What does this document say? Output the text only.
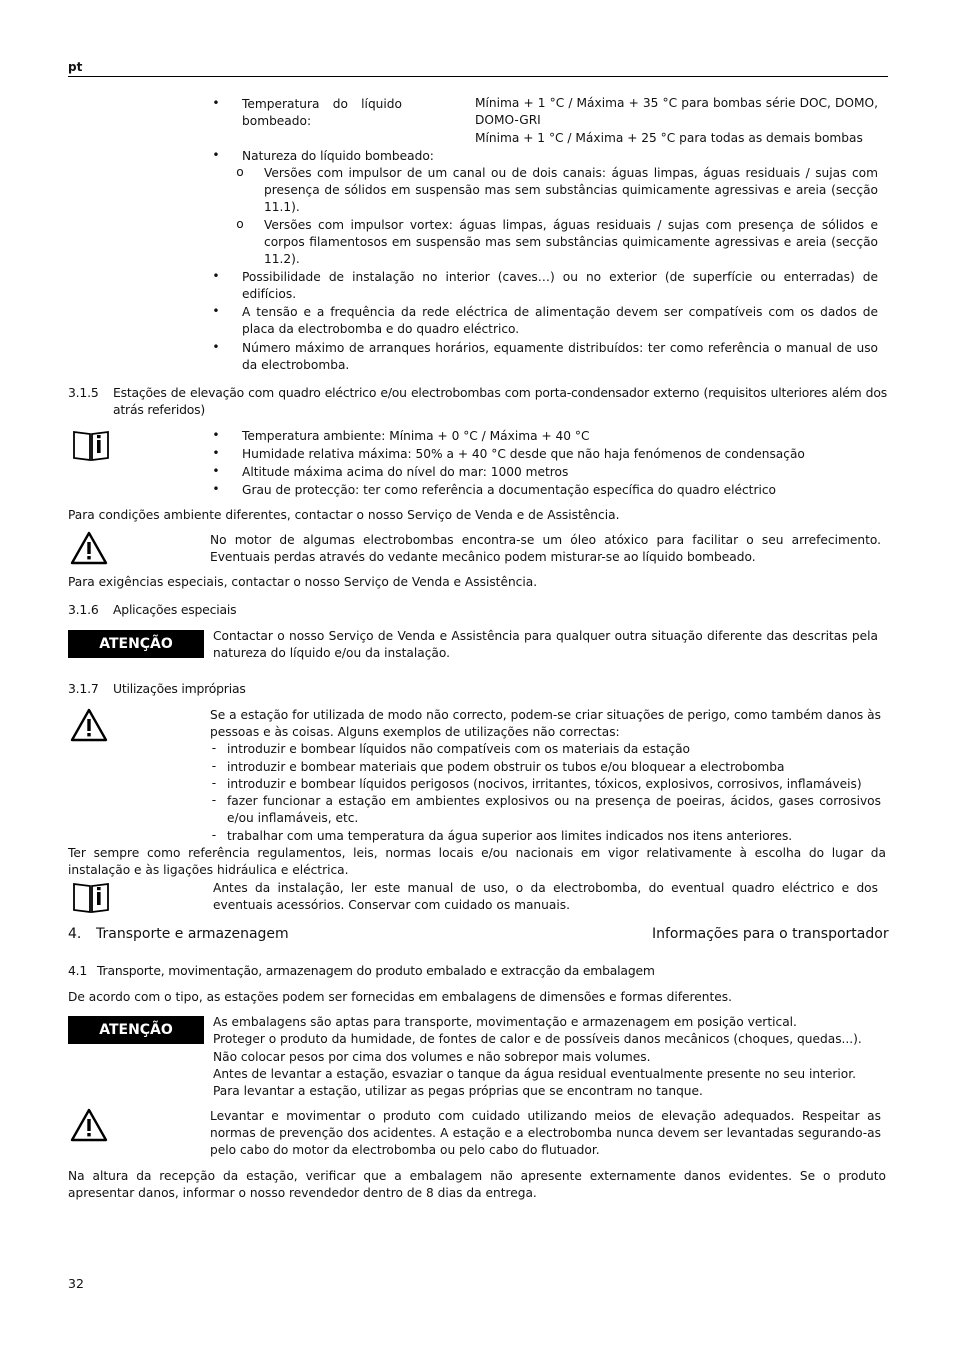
pt
• Temperatura do líquido bombeado:
Mínima + 1 °C / Máxima + 35 °C para bombas série DOC, DOMO, DOMO-GRI
Mínima + 1 °C / Máxima + 25 °C para todas as demais bombas
• Natureza do líquido bombeado:
o Versões com impulsor de um canal ou de dois canais: águas limpas, águas residuais / sujas com presença de sólidos em suspensão mas sem substâncias quimicamente agressivas e areia (secção 11.1).
o Versões com impulsor vortex: águas limpas, águas residuais / sujas com presença de sólidos e corpos filamentosos em suspensão mas sem substâncias quimicamente agressivas e areia (secção 11.2).
• Possibilidade de instalação no interior (caves…) ou no exterior (de superfície ou enterradas) de edifícios.
• A tensão e a frequência da rede eléctrica de alimentação devem ser compatíveis com os dados de placa da electrobomba e do quadro eléctrico.
• Número máximo de arranques horários, equamente distribuídos: ter como referência o manual de uso da electrobomba.
3.1.5 Estações de elevação com quadro eléctrico e/ou electrobombas com porta-condensador externo (requisitos ulteriores além dos atrás referidos)
• Temperatura ambiente: Mínima + 0 °C / Máxima + 40 °C
• Humidade relativa máxima: 50% a + 40 °C desde que não haja fenómenos de condensação
• Altitude máxima acima do nível do mar: 1000 metros
• Grau de protecção: ter como referência a documentação específica do quadro eléctrico
Para condições ambiente diferentes, contactar o nosso Serviço de Venda e de Assistência.
No motor de algumas electrobombas encontra-se um óleo atóxico para facilitar o seu arrefecimento. Eventuais perdas através do vedante mecânico podem misturar-se ao líquido bombeado.
Para exigências especiais, contactar o nosso Serviço de Venda e Assistência.
3.1.6 Aplicações especiais
ATENÇÃO	Contactar o nosso Serviço de Venda e Assistência para qualquer outra situação diferente das descritas pela natureza do líquido e/ou da instalação.
3.1.7 Utilizações impróprias
Se a estação for utilizada de modo não correcto, podem-se criar situações de perigo, como também danos às pessoas e às coisas. Alguns exemplos de utilizações não correctas:
- introduzir e bombear líquidos não compatíveis com os materiais da estação
- introduzir e bombear materiais que podem obstruir os tubos e/ou bloquear a electrobomba
- introduzir e bombear líquidos perigosos (nocivos, irritantes, tóxicos, explosivos, corrosivos, inflamáveis)
- fazer funcionar a estação em ambientes explosivos ou na presença de poeiras, ácidos, gases corrosivos e/ou inflamáveis, etc.
- trabalhar com uma temperatura da água superior aos limites indicados nos itens anteriores.
Ter sempre como referência regulamentos, leis, normas locais e/ou nacionais em vigor relativamente à escolha do lugar da instalação e às ligações hidráulica e eléctrica.
Antes da instalação, ler este manual de uso, o da electrobomba, do eventual quadro eléctrico e dos eventuais acessórios. Conservar com cuidado os manuais.
4. Transporte e armazenagem	Informações para o transportador
4.1 Transporte, movimentação, armazenagem do produto embalado e extracção da embalagem
De acordo com o tipo, as estações podem ser fornecidas em embalagens de dimensões e formas diferentes.
ATENÇÃO	As embalagens são aptas para transporte, movimentação e armazenagem em posição vertical.
Proteger o produto da humidade, de fontes de calor e de possíveis danos mecânicos (choques, quedas...).
Não colocar pesos por cima dos volumes e não sobrepor mais volumes.
Antes de levantar a estação, esvaziar o tanque da água residual eventualmente presente no seu interior.
Para levantar a estação, utilizar as pegas próprias que se encontram no tanque.
Levantar e movimentar o produto com cuidado utilizando meios de elevação adequados. Respeitar as normas de prevenção dos acidentes. A estação e a electrobomba nunca devem ser levantadas segurando-as pelo cabo do motor da electrobomba ou pelo cabo do flutuador.
Na altura da recepção da estação, verificar que a embalagem não apresente externamente danos evidentes. Se o produto apresentar danos, informar o nosso revendedor dentro de 8 dias da entrega.
32
